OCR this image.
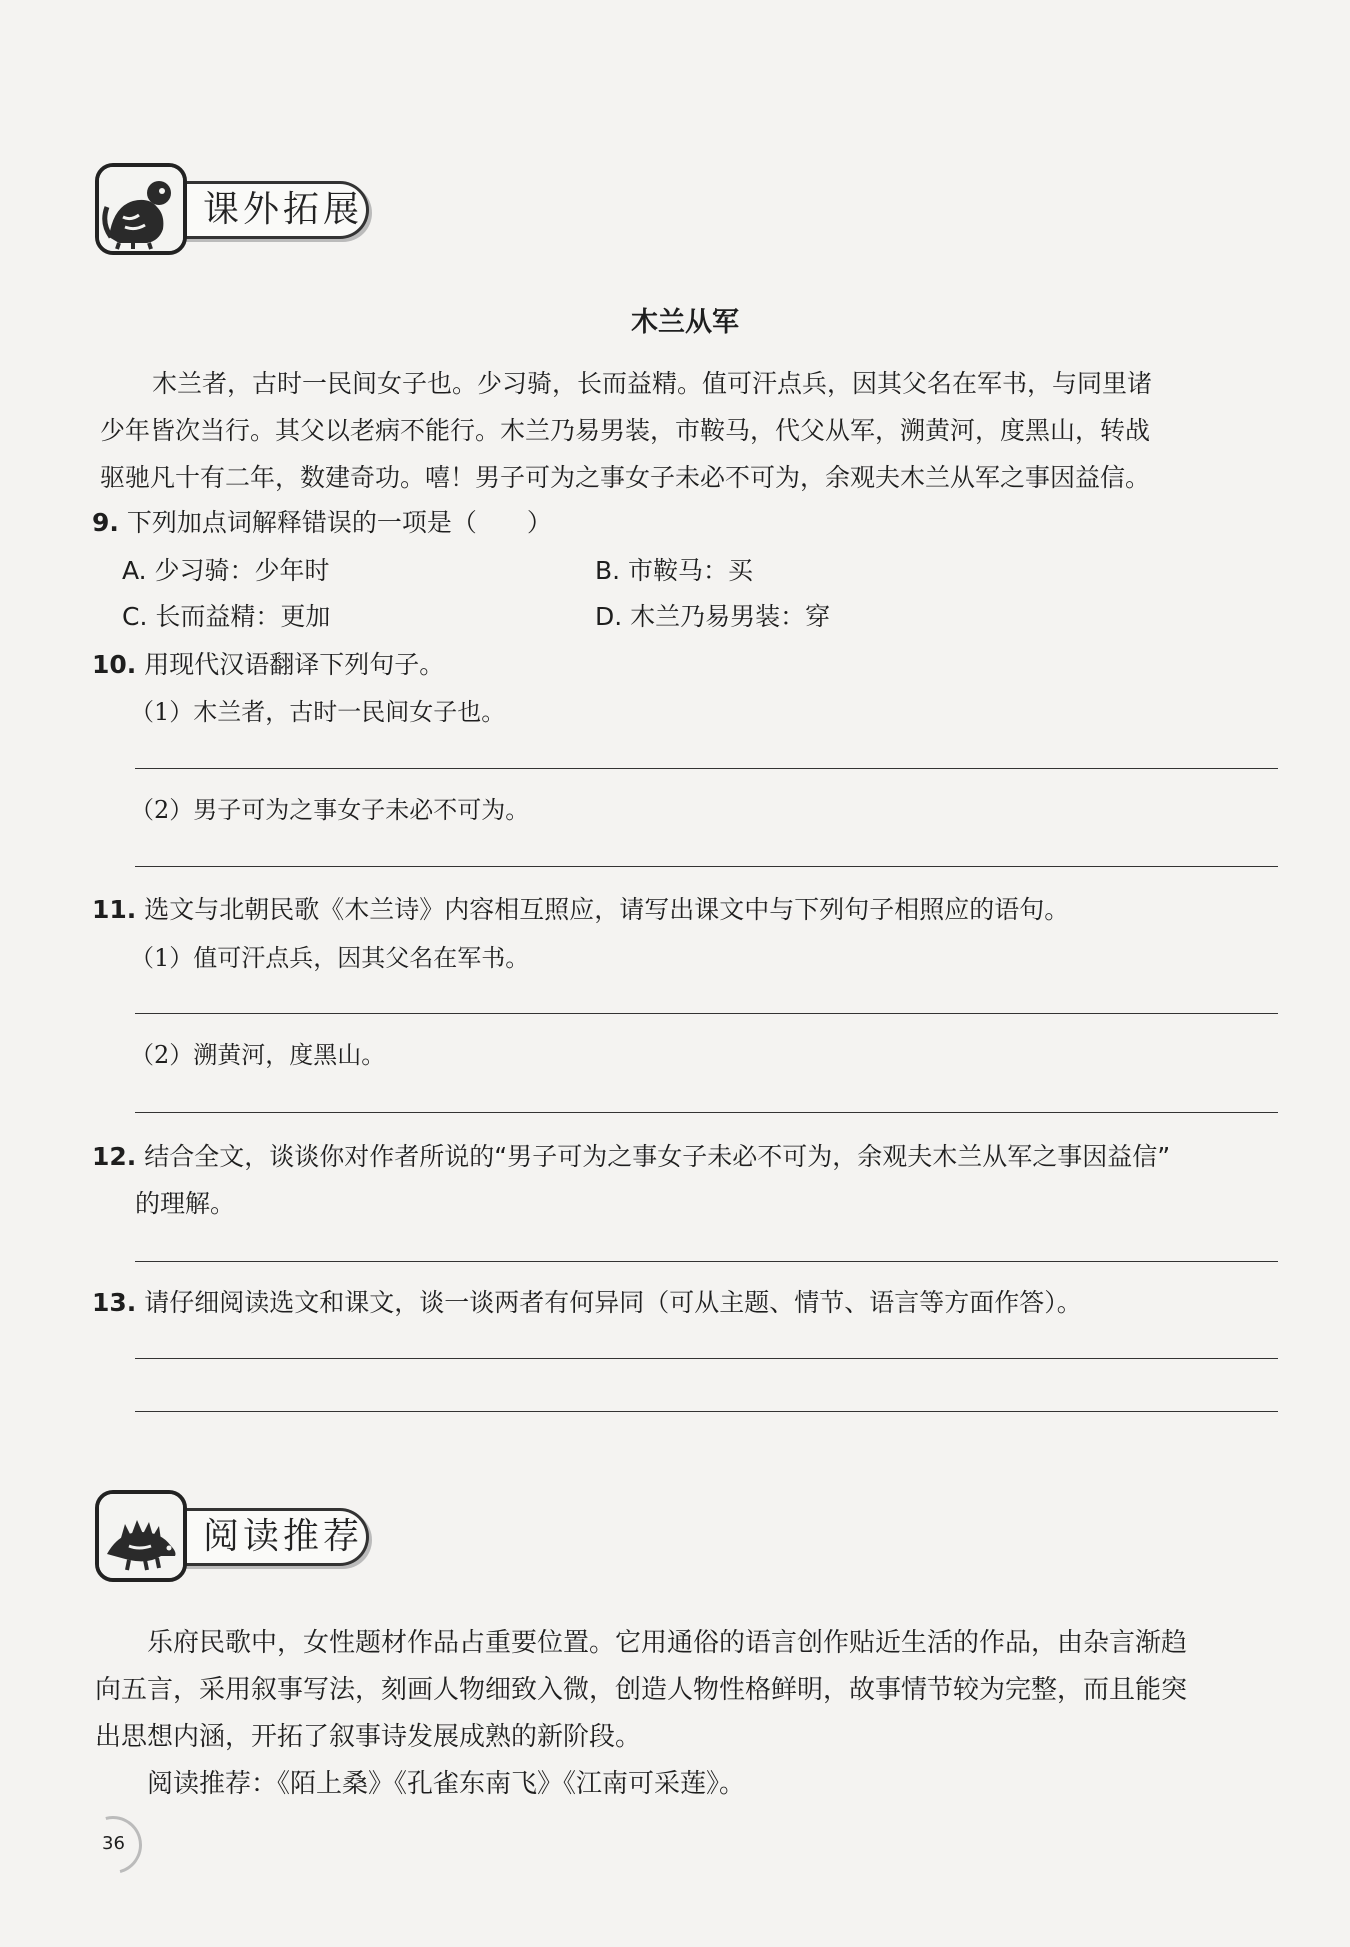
课外拓展
木兰从军
木兰者，古时一民间女子也。少习骑，长而益精。值可汗点兵，因其父名在军书，与同里诸
少年皆次当行。其父以老病不能行。木兰乃易男装，市鞍马，代父从军，溯黄河，度黑山，转战
驱驰凡十有二年，数建奇功。嘻！男子可为之事女子未必不可为，余观夫木兰从军之事因益信。
9. 下列加点词解释错误的一项是（　　）
A. 少习骑：少年时	B. 市鞍马：买
C. 长而益精：更加	D. 木兰乃易男装：穿
10. 用现代汉语翻译下列句子。
（1）木兰者，古时一民间女子也。
（2）男子可为之事女子未必不可为。
11. 选文与北朝民歌《木兰诗》内容相互照应，请写出课文中与下列句子相照应的语句。
（1）值可汗点兵，因其父名在军书。
（2）溯黄河，度黑山。
12. 结合全文，谈谈你对作者所说的“男子可为之事女子未必不可为，余观夫木兰从军之事因益信”
的理解。
13. 请仔细阅读选文和课文，谈一谈两者有何异同（可从主题、情节、语言等方面作答）。
阅读推荐
乐府民歌中，女性题材作品占重要位置。它用通俗的语言创作贴近生活的作品，由杂言渐趋
向五言，采用叙事写法，刻画人物细致入微，创造人物性格鲜明，故事情节较为完整，而且能突
出思想内涵，开拓了叙事诗发展成熟的新阶段。
阅读推荐：《陌上桑》《孔雀东南飞》《江南可采莲》。
36
